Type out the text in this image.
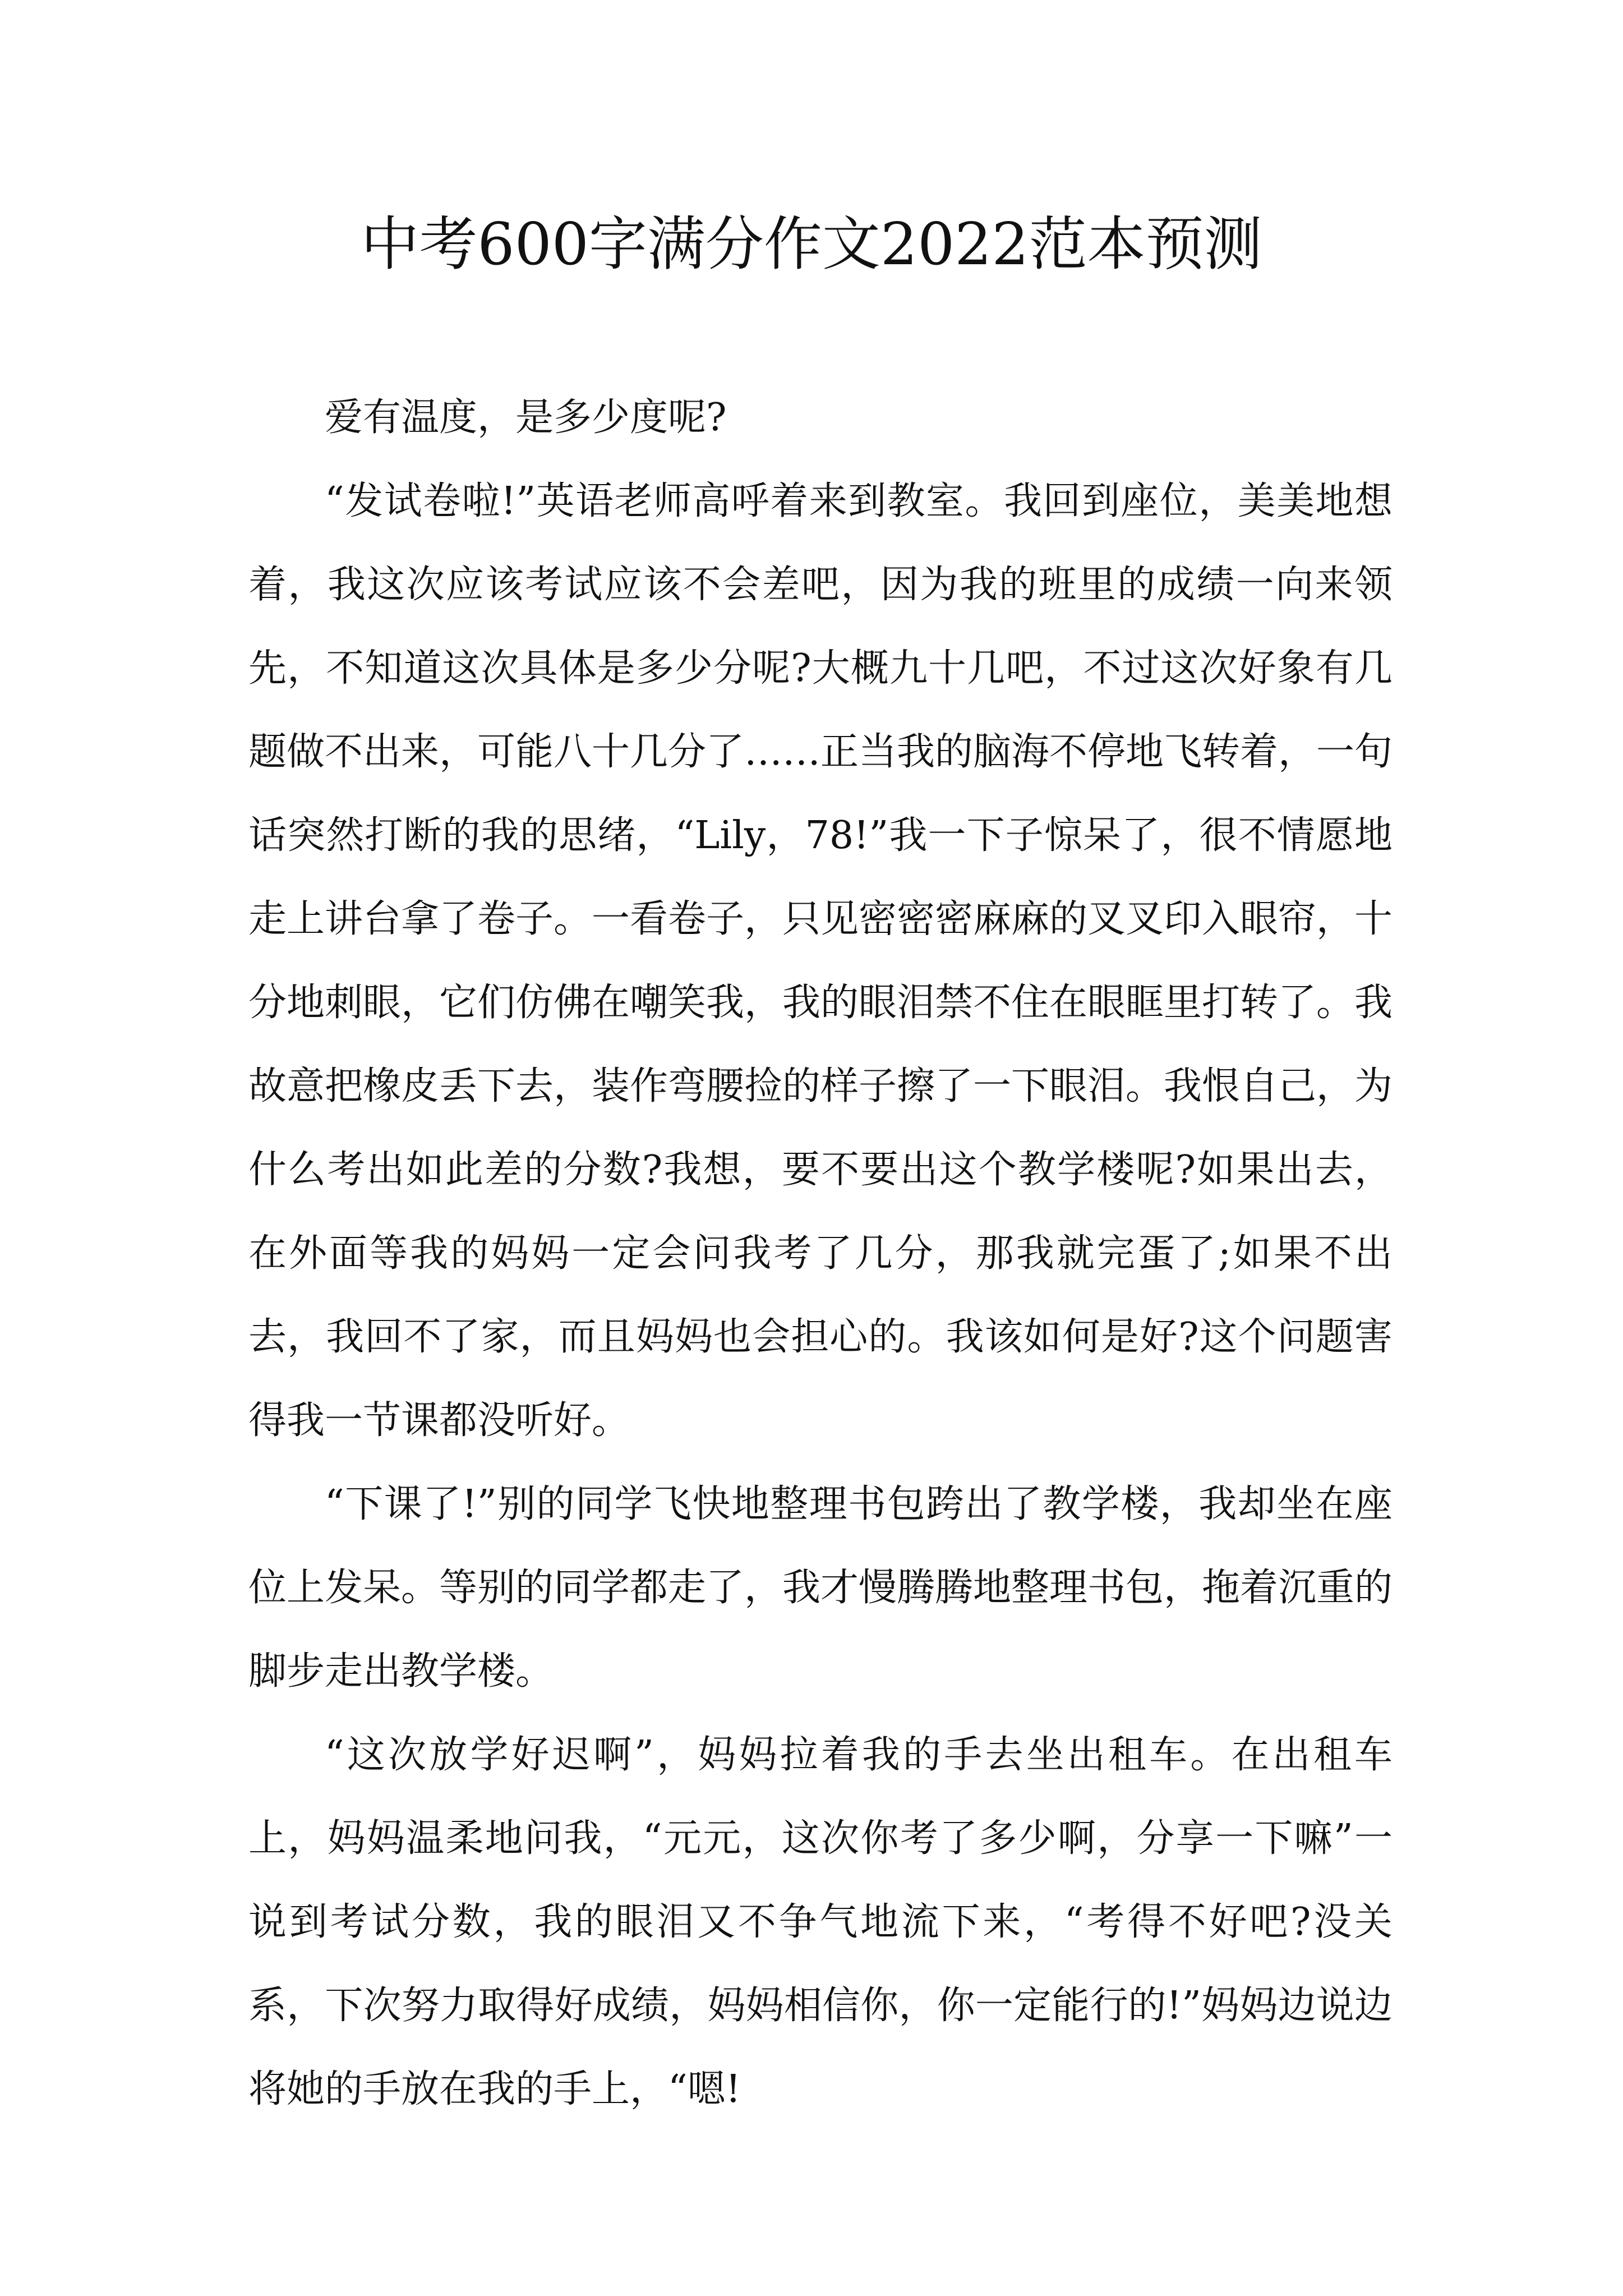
中考600字满分作文2022范本预测

爱有温度，是多少度呢?

“发试卷啦!”英语老师高呼着来到教室。我回到座位，美美地想着，我这次应该考试应该不会差吧，因为我的班里的成绩一向来领先，不知道这次具体是多少分呢?大概九十几吧，不过这次好象有几题做不出来，可能八十几分了……正当我的脑海不停地飞转着，一句话突然打断的我的思绪，“Lily，78!”我一下子惊呆了，很不情愿地走上讲台拿了卷子。一看卷子，只见密密密麻麻的叉叉印入眼帘，十分地刺眼，它们仿佛在嘲笑我，我的眼泪禁不住在眼眶里打转了。我故意把橡皮丢下去，装作弯腰捡的样子擦了一下眼泪。我恨自己，为什么考出如此差的分数?我想，要不要出这个教学楼呢?如果出去，在外面等我的妈妈一定会问我考了几分，那我就完蛋了;如果不出去，我回不了家，而且妈妈也会担心的。我该如何是好?这个问题害得我一节课都没听好。

“下课了!”别的同学飞快地整理书包跨出了教学楼，我却坐在座位上发呆。等别的同学都走了，我才慢腾腾地整理书包，拖着沉重的脚步走出教学楼。

“这次放学好迟啊”，妈妈拉着我的手去坐出租车。在出租车上，妈妈温柔地问我，“元元，这次你考了多少啊，分享一下嘛”一说到考试分数，我的眼泪又不争气地流下来，“考得不好吧?没关系，下次努力取得好成绩，妈妈相信你，你一定能行的!”妈妈边说边将她的手放在我的手上，“嗯!
